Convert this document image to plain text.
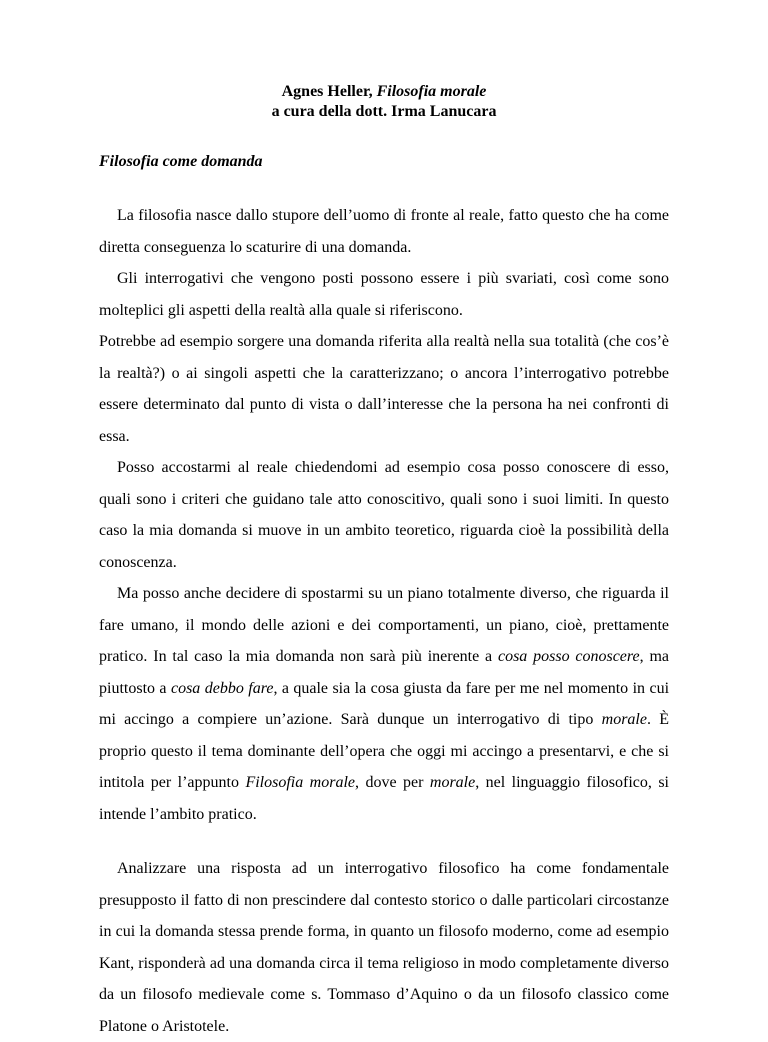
Agnes Heller, Filosofia morale
a cura della dott. Irma Lanucara
Filosofia come domanda

La filosofia nasce dallo stupore dell’uomo di fronte al reale, fatto questo che ha come diretta conseguenza lo scaturire di una domanda.

Gli interrogativi che vengono posti possono essere i più svariati, così come sono molteplici gli aspetti della realtà alla quale si riferiscono.

Potrebbe ad esempio sorgere una domanda riferita alla realtà nella sua totalità (che cos’è la realtà?) o ai singoli aspetti che la caratterizzano; o ancora l’interrogativo potrebbe essere determinato dal punto di vista o dall’interesse che la persona ha nei confronti di essa.

Posso accostarmi al reale chiedendomi ad esempio cosa posso conoscere di esso, quali sono i criteri che guidano tale atto conoscitivo, quali sono i suoi limiti. In questo caso la mia domanda si muove in un ambito teoretico, riguarda cioè la possibilità della conoscenza.

Ma posso anche decidere di spostarmi su un piano totalmente diverso, che riguarda il fare umano, il mondo delle azioni e dei comportamenti, un piano, cioè, prettamente pratico. In tal caso la mia domanda non sarà più inerente a cosa posso conoscere, ma piuttosto a cosa debbo fare, a quale sia la cosa giusta da fare per me nel momento in cui mi accingo a compiere un’azione. Sarà dunque un interrogativo di tipo morale. È proprio questo il tema dominante dell’opera che oggi mi accingo a presentarvi, e che si intitola per l’appunto Filosofia morale, dove per morale, nel linguaggio filosofico, si intende l’ambito pratico.

Analizzare una risposta ad un interrogativo filosofico ha come fondamentale presupposto il fatto di non prescindere dal contesto storico o dalle particolari circostanze in cui la domanda stessa prende forma, in quanto un filosofo moderno, come ad esempio Kant, risponderà ad una domanda circa il tema religioso in modo completamente diverso da un filosofo medievale come s. Tommaso d’Aquino o da un filosofo classico come Platone o Aristotele.
